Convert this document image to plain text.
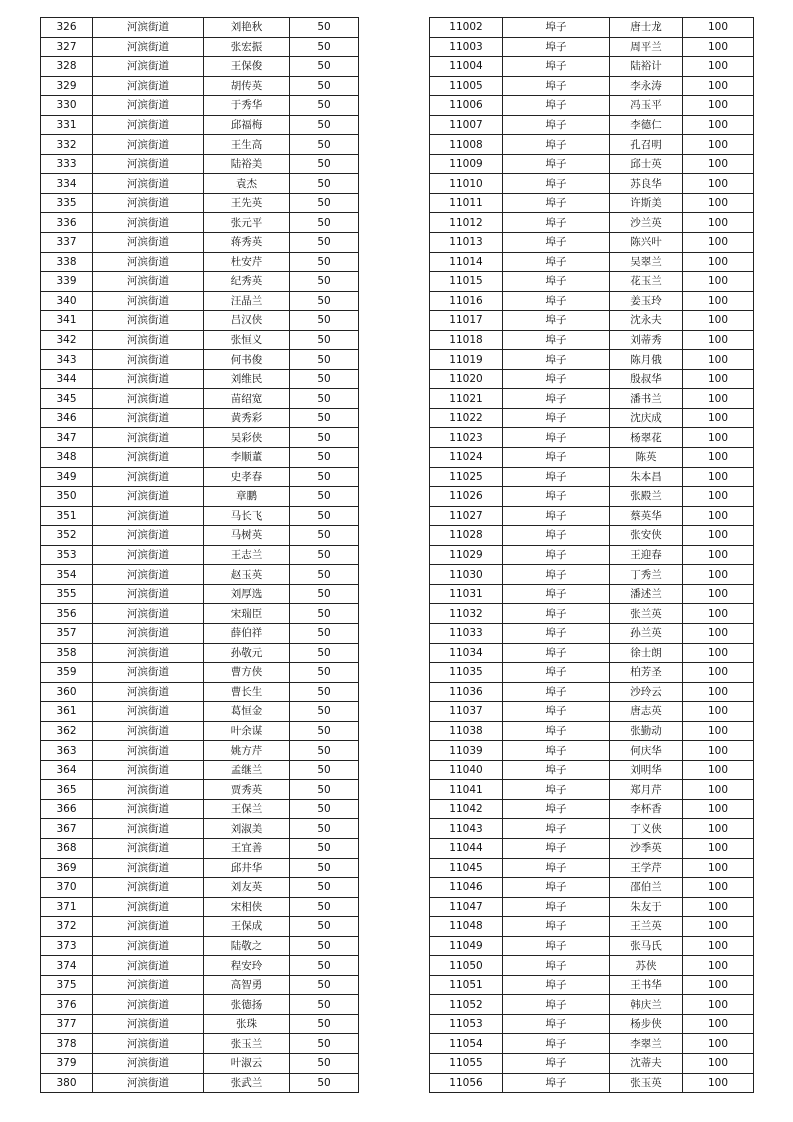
326	河滨街道	刘艳秋	50
327	河滨街道	张宏振	50
328	河滨街道	王保俊	50
329	河滨街道	胡传英	50
330	河滨街道	于秀华	50
331	河滨街道	邱福梅	50
332	河滨街道	王生高	50
333	河滨街道	陆裕美	50
334	河滨街道	袁杰	50
335	河滨街道	王先英	50
336	河滨街道	张元平	50
337	河滨街道	蒋秀英	50
338	河滨街道	杜安芹	50
339	河滨街道	纪秀英	50
340	河滨街道	汪晶兰	50
341	河滨街道	吕汉侠	50
342	河滨街道	张恒义	50
343	河滨街道	何书俊	50
344	河滨街道	刘维民	50
345	河滨街道	苗绍宽	50
346	河滨街道	黄秀彩	50
347	河滨街道	吴彩侠	50
348	河滨街道	李顺董	50
349	河滨街道	史孝春	50
350	河滨街道	章鹏	50
351	河滨街道	马长飞	50
352	河滨街道	马树英	50
353	河滨街道	王志兰	50
354	河滨街道	赵玉英	50
355	河滨街道	刘厚选	50
356	河滨街道	宋瑞臣	50
357	河滨街道	薛伯祥	50
358	河滨街道	孙敬元	50
359	河滨街道	曹方侠	50
360	河滨街道	曹长生	50
361	河滨街道	葛恒金	50
362	河滨街道	叶余谋	50
363	河滨街道	姚方芹	50
364	河滨街道	孟继兰	50
365	河滨街道	贾秀英	50
366	河滨街道	王保兰	50
367	河滨街道	刘淑美	50
368	河滨街道	王宜善	50
369	河滨街道	邱井华	50
370	河滨街道	刘友英	50
371	河滨街道	宋相侠	50
372	河滨街道	王保成	50
373	河滨街道	陆敬之	50
374	河滨街道	程安玲	50
375	河滨街道	高智勇	50
376	河滨街道	张德扬	50
377	河滨街道	张珠	50
378	河滨街道	张玉兰	50
379	河滨街道	叶淑云	50
380	河滨街道	张武兰	50
11002	埠子	唐士龙	100
11003	埠子	周平兰	100
11004	埠子	陆裕计	100
11005	埠子	李永涛	100
11006	埠子	冯玉平	100
11007	埠子	李德仁	100
11008	埠子	孔召明	100
11009	埠子	邱士英	100
11010	埠子	苏良华	100
11011	埠子	许斯美	100
11012	埠子	沙兰英	100
11013	埠子	陈兴叶	100
11014	埠子	吴翠兰	100
11015	埠子	花玉兰	100
11016	埠子	姜玉玲	100
11017	埠子	沈永夫	100
11018	埠子	刘蒂秀	100
11019	埠子	陈月俄	100
11020	埠子	殷叔华	100
11021	埠子	潘书兰	100
11022	埠子	沈庆成	100
11023	埠子	杨翠花	100
11024	埠子	陈英	100
11025	埠子	朱本昌	100
11026	埠子	张殿兰	100
11027	埠子	蔡英华	100
11028	埠子	张安侠	100
11029	埠子	王迎春	100
11030	埠子	丁秀兰	100
11031	埠子	潘述兰	100
11032	埠子	张兰英	100
11033	埠子	孙兰英	100
11034	埠子	徐士朗	100
11035	埠子	柏芳圣	100
11036	埠子	沙玲云	100
11037	埠子	唐志英	100
11038	埠子	张勤动	100
11039	埠子	何庆华	100
11040	埠子	刘明华	100
11041	埠子	郑月芹	100
11042	埠子	李杯香	100
11043	埠子	丁义侠	100
11044	埠子	沙季英	100
11045	埠子	王学芹	100
11046	埠子	邵伯兰	100
11047	埠子	朱友于	100
11048	埠子	王兰英	100
11049	埠子	张马氏	100
11050	埠子	苏侠	100
11051	埠子	王书华	100
11052	埠子	韩庆兰	100
11053	埠子	杨步侠	100
11054	埠子	李翠兰	100
11055	埠子	沈蒂夫	100
11056	埠子	张玉英	100
